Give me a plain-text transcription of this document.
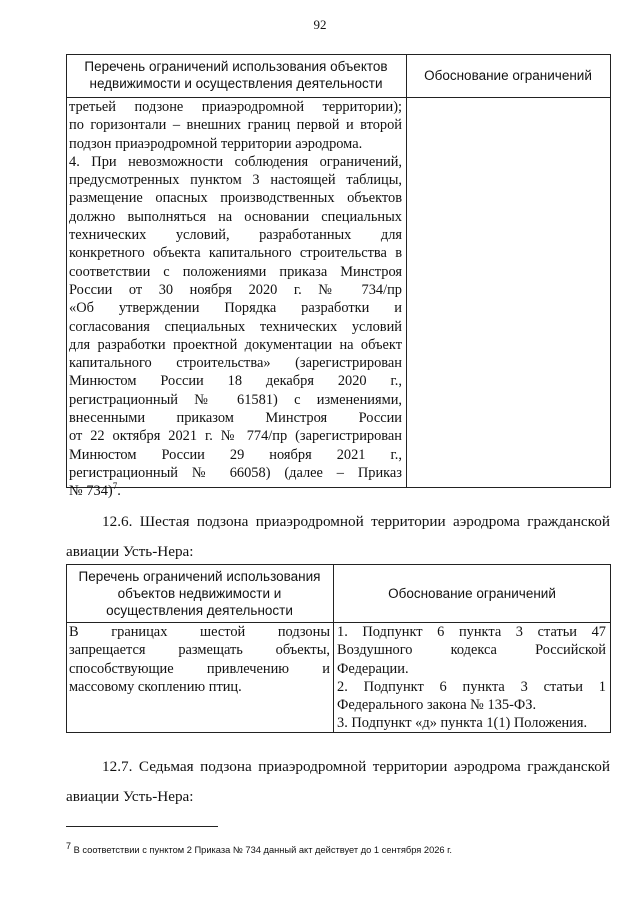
92
Перечень ограничений использования объектов
недвижимости и осуществления деятельности
Обоснование ограничений
третьей подзоне приаэродромной территории);
по горизонтали – внешних границ первой и второй
подзон приаэродромной территории аэродрома.
4. При невозможности соблюдения ограничений,
предусмотренных пунктом 3 настоящей таблицы,
размещение опасных производственных объектов
должно выполняться на основании специальных
технических условий, разработанных для
конкретного объекта капитального строительства в
соответствии с положениями приказа Минстроя
России от 30 ноября 2020 г. № 734/пр
«Об утверждении Порядка разработки и
согласования специальных технических условий
для разработки проектной документации на объект
капитального строительства» (зарегистрирован
Минюстом России 18 декабря 2020 г.,
регистрационный № 61581) с изменениями,
внесенными приказом Минстроя России
от 22 октября 2021 г. № 774/пр (зарегистрирован
Минюстом России 29 ноября 2021 г.,
регистрационный № 66058) (далее – Приказ
№ 734)$^7$.
12.6. Шестая подзона приаэродромной территории аэродрома гражданской
авиации Усть-Нера:
Перечень ограничений использования
объектов недвижимости и
осуществления деятельности
Обоснование ограничений
В границах шестой подзоны
запрещается размещать объекты,
способствующие привлечению и
массовому скоплению птиц.
1. Подпункт 6 пункта 3 статьи 47
Воздушного кодекса Российской
Федерации.
2. Подпункт 6 пункта 3 статьи 1
Федерального закона № 135-ФЗ.
3. Подпункт «д» пункта 1(1) Положения.
12.7. Седьмая подзона приаэродромной территории аэродрома гражданской
авиации Усть-Нера:
$^7$ В соответствии с пунктом 2 Приказа № 734 данный акт действует до 1 сентября 2026 г.
